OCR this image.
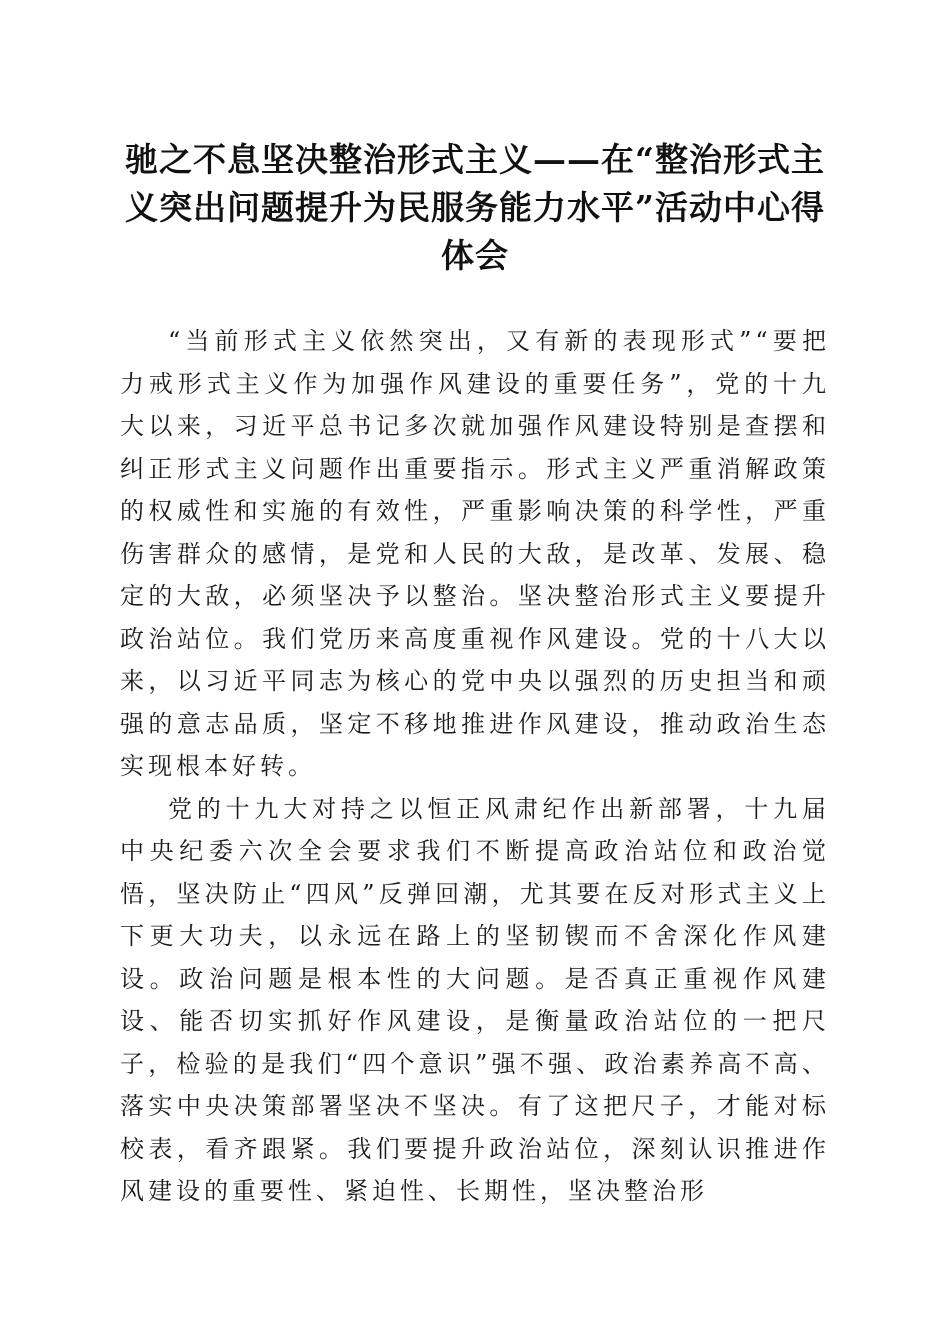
驰之不息坚决整治形式主义——在“整治形式主义突出问题提升为民服务能力水平”活动中心得体会

“当前形式主义依然突出，又有新的表现形式”“要把力戒形式主义作为加强作风建设的重要任务”，党的十九大以来，习近平总书记多次就加强作风建设特别是查摆和纠正形式主义问题作出重要指示。形式主义严重消解政策的权威性和实施的有效性，严重影响决策的科学性，严重伤害群众的感情，是党和人民的大敌，是改革、发展、稳定的大敌，必须坚决予以整治。坚决整治形式主义要提升政治站位。我们党历来高度重视作风建设。党的十八大以来，以习近平同志为核心的党中央以强烈的历史担当和顽强的意志品质，坚定不移地推进作风建设，推动政治生态实现根本好转。

党的十九大对持之以恒正风肃纪作出新部署，十九届中央纪委六次全会要求我们不断提高政治站位和政治觉悟，坚决防止“四风”反弹回潮，尤其要在反对形式主义上下更大功夫，以永远在路上的坚韧锲而不舍深化作风建设。政治问题是根本性的大问题。是否真正重视作风建设、能否切实抓好作风建设，是衡量政治站位的一把尺子，检验的是我们“四个意识”强不强、政治素养高不高、落实中央决策部署坚决不坚决。有了这把尺子，才能对标校表，看齐跟紧。我们要提升政治站位，深刻认识推进作风建设的重要性、紧迫性、长期性，坚决整治形
